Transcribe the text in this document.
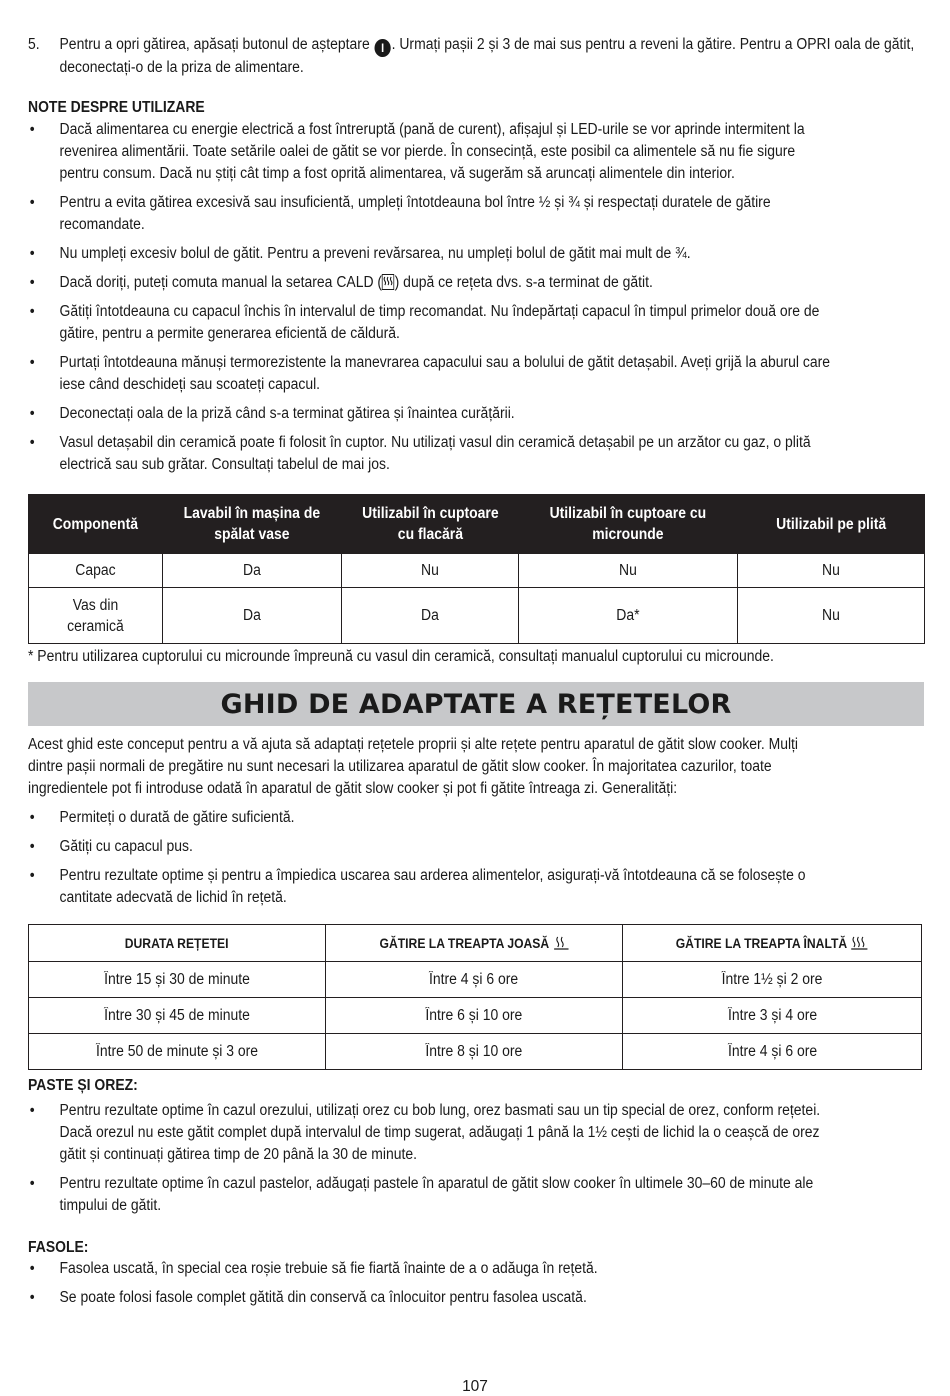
5. Pentru a opri gătirea, apăsați butonul de așteptare I . Urmați pașii 2 și 3 de mai sus pentru a reveni la gătire. Pentru a OPRI oala de gătit, deconectați-o de la priza de alimentare.
NOTE DESPRE UTILIZARE
• Dacă alimentarea cu energie electrică a fost întreruptă (pană de curent), afișajul și LED-urile se vor aprinde intermitent la revenirea alimentării. Toate setările oalei de gătit se vor pierde. În consecință, este posibil ca alimentele să nu fie sigure pentru consum. Dacă nu știți cât timp a fost oprită alimentarea, vă sugerăm să aruncați alimentele din interior.
• Pentru a evita gătirea excesivă sau insuficientă, umpleți întotdeauna bol între ½ și ¾ și respectați duratele de gătire recomandate.
• Nu umpleți excesiv bolul de gătit. Pentru a preveni revărsarea, nu umpleți bolul de gătit mai mult de ¾.
• Dacă doriți, puteți comuta manual la setarea CALD ( ) după ce rețeta dvs. s-a terminat de gătit.
• Gătiți întotdeauna cu capacul închis în intervalul de timp recomandat. Nu îndepărtați capacul în timpul primelor două ore de gătire, pentru a permite generarea eficientă de căldură.
• Purtați întotdeauna mănuși termorezistente la manevrarea capacului sau a bolului de gătit detașabil. Aveți grijă la aburul care iese când deschideți sau scoateți capacul.
• Deconectați oala de la priză când s-a terminat gătirea și înaintea curățării.
• Vasul detașabil din ceramică poate fi folosit în cuptor. Nu utilizați vasul din ceramică detașabil pe un arzător cu gaz, o plită electrică sau sub grătar. Consultați tabelul de mai jos.
Componentă	Lavabil în mașina de spălat vase	Utilizabil în cuptoare cu flacără	Utilizabil în cuptoare cu microunde	Utilizabil pe plită
Capac	Da	Nu	Nu	Nu
Vas din ceramică	Da	Da	Da*	Nu
* Pentru utilizarea cuptorului cu microunde împreună cu vasul din ceramică, consultați manualul cuptorului cu microunde.
GHID DE ADAPTATE A REȚETELOR
Acest ghid este conceput pentru a vă ajuta să adaptați rețetele proprii și alte rețete pentru aparatul de gătit slow cooker. Mulți dintre pașii normali de pregătire nu sunt necesari la utilizarea aparatul de gătit slow cooker. În majoritatea cazurilor, toate ingredientele pot fi introduse odată în aparatul de gătit slow cooker și pot fi gătite întreaga zi. Generalități:
• Permiteți o durată de gătire suficientă.
• Gătiți cu capacul pus.
• Pentru rezultate optime și pentru a împiedica uscarea sau arderea alimentelor, asigurați-vă întotdeauna că se folosește o cantitate adecvată de lichid în rețetă.
DURATA REȚETEI	GĂTIRE LA TREAPTA JOASĂ	GĂTIRE LA TREAPTA ÎNALTĂ
Între 15 și 30 de minute	Între 4 și 6 ore	Între 1½ și 2 ore
Între 30 și 45 de minute	Între 6 și 10 ore	Între 3 și 4 ore
Între 50 de minute și 3 ore	Între 8 și 10 ore	Între 4 și 6 ore
PASTE ȘI OREZ:
• Pentru rezultate optime în cazul orezului, utilizați orez cu bob lung, orez basmati sau un tip special de orez, conform rețetei. Dacă orezul nu este gătit complet după intervalul de timp sugerat, adăugați 1 până la 1½ cești de lichid la o ceașcă de orez gătit și continuați gătirea timp de 20 până la 30 de minute.
• Pentru rezultate optime în cazul pastelor, adăugați pastele în aparatul de gătit slow cooker în ultimele 30–60 de minute ale timpului de gătit.
FASOLE:
• Fasolea uscată, în special cea roșie trebuie să fie fiartă înainte de a o adăuga în rețetă.
• Se poate folosi fasole complet gătită din conservă ca înlocuitor pentru fasolea uscată.
107
